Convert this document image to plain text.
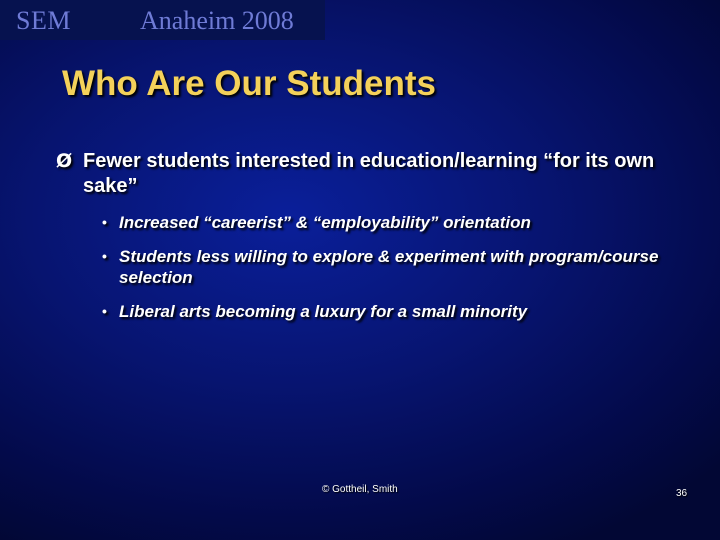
SEM	Anaheim 2008
Who Are Our Students
Ø Fewer students interested in education/learning “for its own sake”
• Increased “careerist” & “employability” orientation
• Students less willing to explore & experiment with program/course selection
• Liberal arts becoming a luxury for a small minority
© Gottheil, Smith	36
